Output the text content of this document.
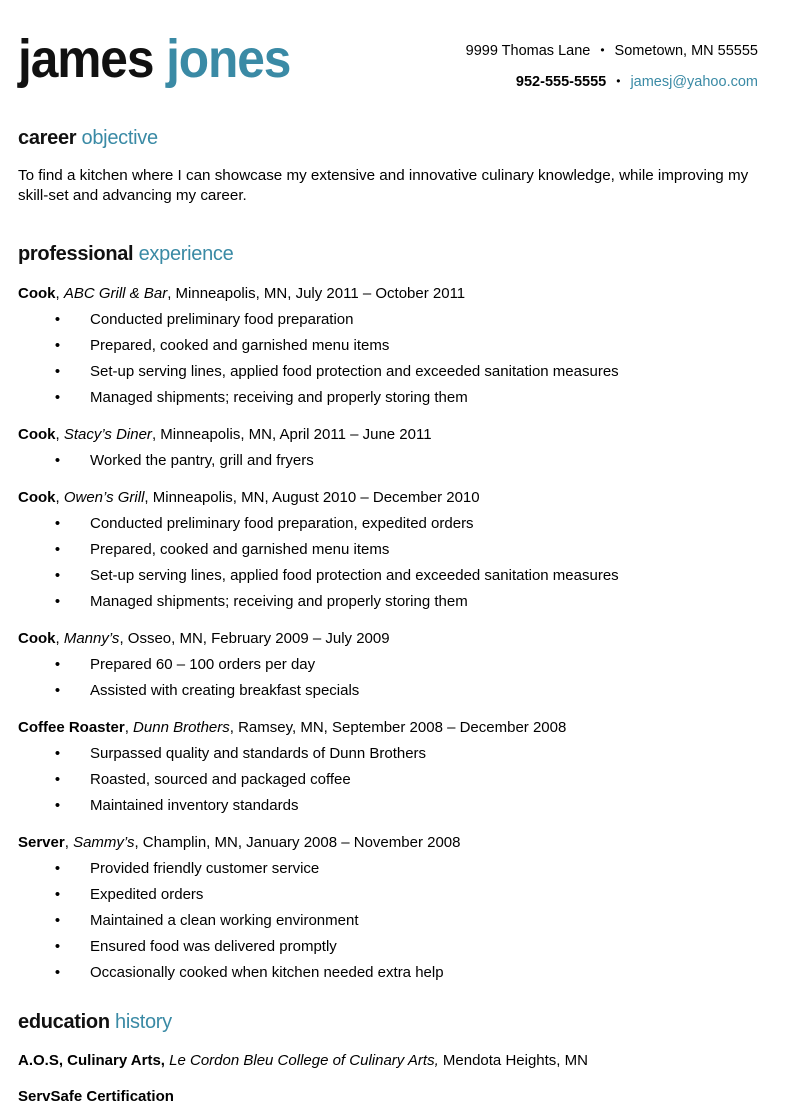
james jones	9999 Thomas Lane • Sometown, MN 55555
952-555-5555 • jamesj@yahoo.com
career objective
To find a kitchen where I can showcase my extensive and innovative culinary knowledge, while improving my skill-set and advancing my career.
professional experience
Cook, ABC Grill & Bar, Minneapolis, MN, July 2011 – October 2011
•	Conducted preliminary food preparation
•	Prepared, cooked and garnished menu items
•	Set-up serving lines, applied food protection and exceeded sanitation measures
•	Managed shipments; receiving and properly storing them
Cook, Stacy’s Diner, Minneapolis, MN, April 2011 – June 2011
•	Worked the pantry, grill and fryers
Cook, Owen’s Grill, Minneapolis, MN, August 2010 – December 2010
•	Conducted preliminary food preparation, expedited orders
•	Prepared, cooked and garnished menu items
•	Set-up serving lines, applied food protection and exceeded sanitation measures
•	Managed shipments; receiving and properly storing them
Cook, Manny’s, Osseo, MN, February 2009 – July 2009
•	Prepared 60 – 100 orders per day
•	Assisted with creating breakfast specials
Coffee Roaster, Dunn Brothers, Ramsey, MN, September 2008 – December 2008
•	Surpassed quality and standards of Dunn Brothers
•	Roasted, sourced and packaged coffee
•	Maintained inventory standards
Server, Sammy’s, Champlin, MN, January 2008 – November 2008
•	Provided friendly customer service
•	Expedited orders
•	Maintained a clean working environment
•	Ensured food was delivered promptly
•	Occasionally cooked when kitchen needed extra help
education history
A.O.S, Culinary Arts, Le Cordon Bleu College of Culinary Arts, Mendota Heights, MN
ServSafe Certification
